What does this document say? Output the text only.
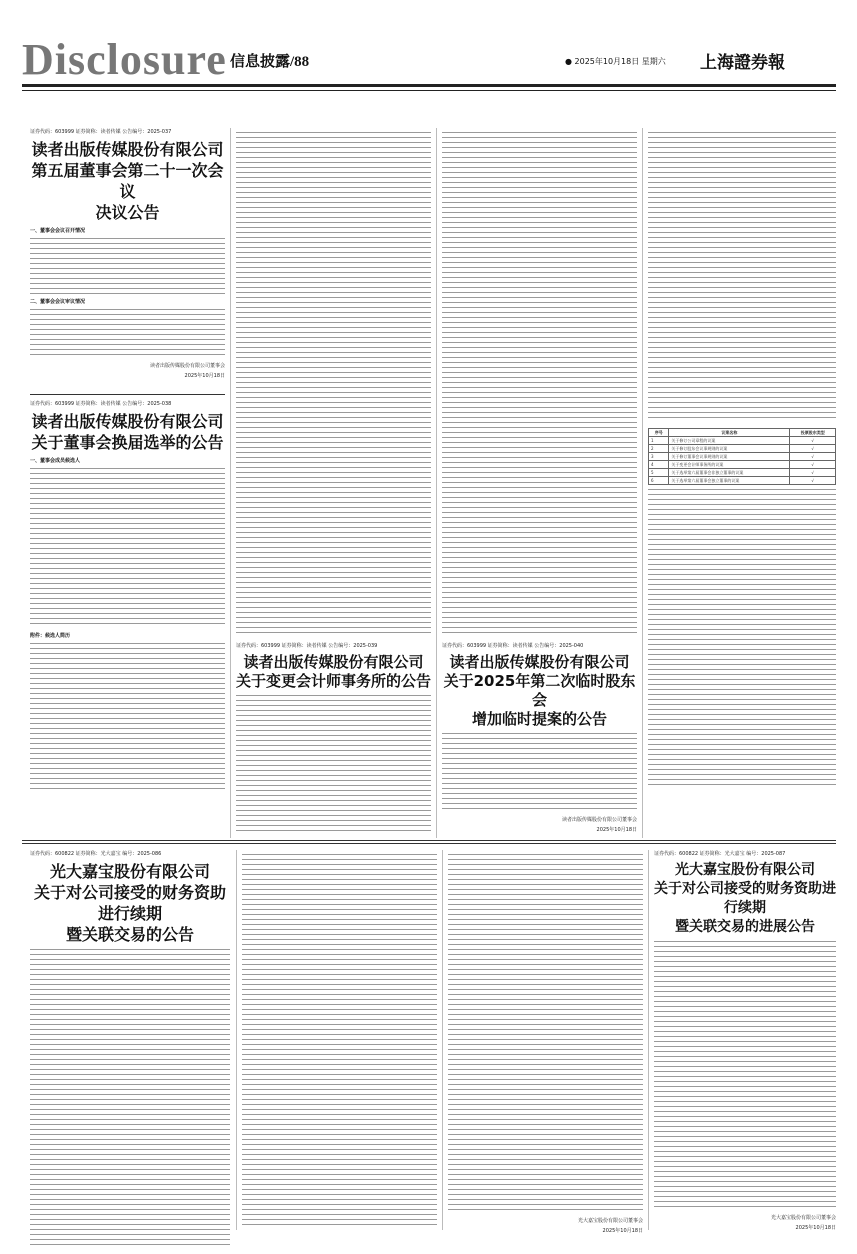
Disclosure 信息披露/88	● 2025年10月18日 星期六 上海證券報
证券代码：603999 证券简称：读者传媒 公告编号：2025-037
读者出版传媒股份有限公司
第五届董事会第二十一次会议
决议公告
一、董事会会议召开情况
二、董事会会议审议情况
读者出版传媒股份有限公司董事会
2025年10月18日
证券代码：603999 证券简称：读者传媒 公告编号：2025-038
读者出版传媒股份有限公司
关于董事会换届选举的公告
一、董事会成员候选人
附件：候选人简历
证券代码：603999 证券简称：读者传媒 公告编号：2025-039
读者出版传媒股份有限公司
关于变更会计师事务所的公告
证券代码：603999 证券简称：读者传媒 公告编号：2025-040
读者出版传媒股份有限公司
关于2025年第二次临时股东会
增加临时提案的公告
读者出版传媒股份有限公司董事会
2025年10月18日
序号	议案名称	投票股东类型
1	关于修订公司章程的议案	√
2	关于修订股东会议事规则的议案	√
3	关于修订董事会议事规则的议案	√
4	关于变更会计师事务所的议案	√
5	关于选举第六届董事会非独立董事的议案	√
6	关于选举第六届董事会独立董事的议案	√
证券代码：600822 证券简称：光大嘉宝 编号：2025-086
光大嘉宝股份有限公司
关于对公司接受的财务资助进行续期
暨关联交易的公告
光大嘉宝股份有限公司董事会
2025年10月18日
证券代码：600822 证券简称：光大嘉宝 编号：2025-087
光大嘉宝股份有限公司
关于对公司接受的财务资助进行续期
暨关联交易的进展公告
光大嘉宝股份有限公司董事会
2025年10月18日
